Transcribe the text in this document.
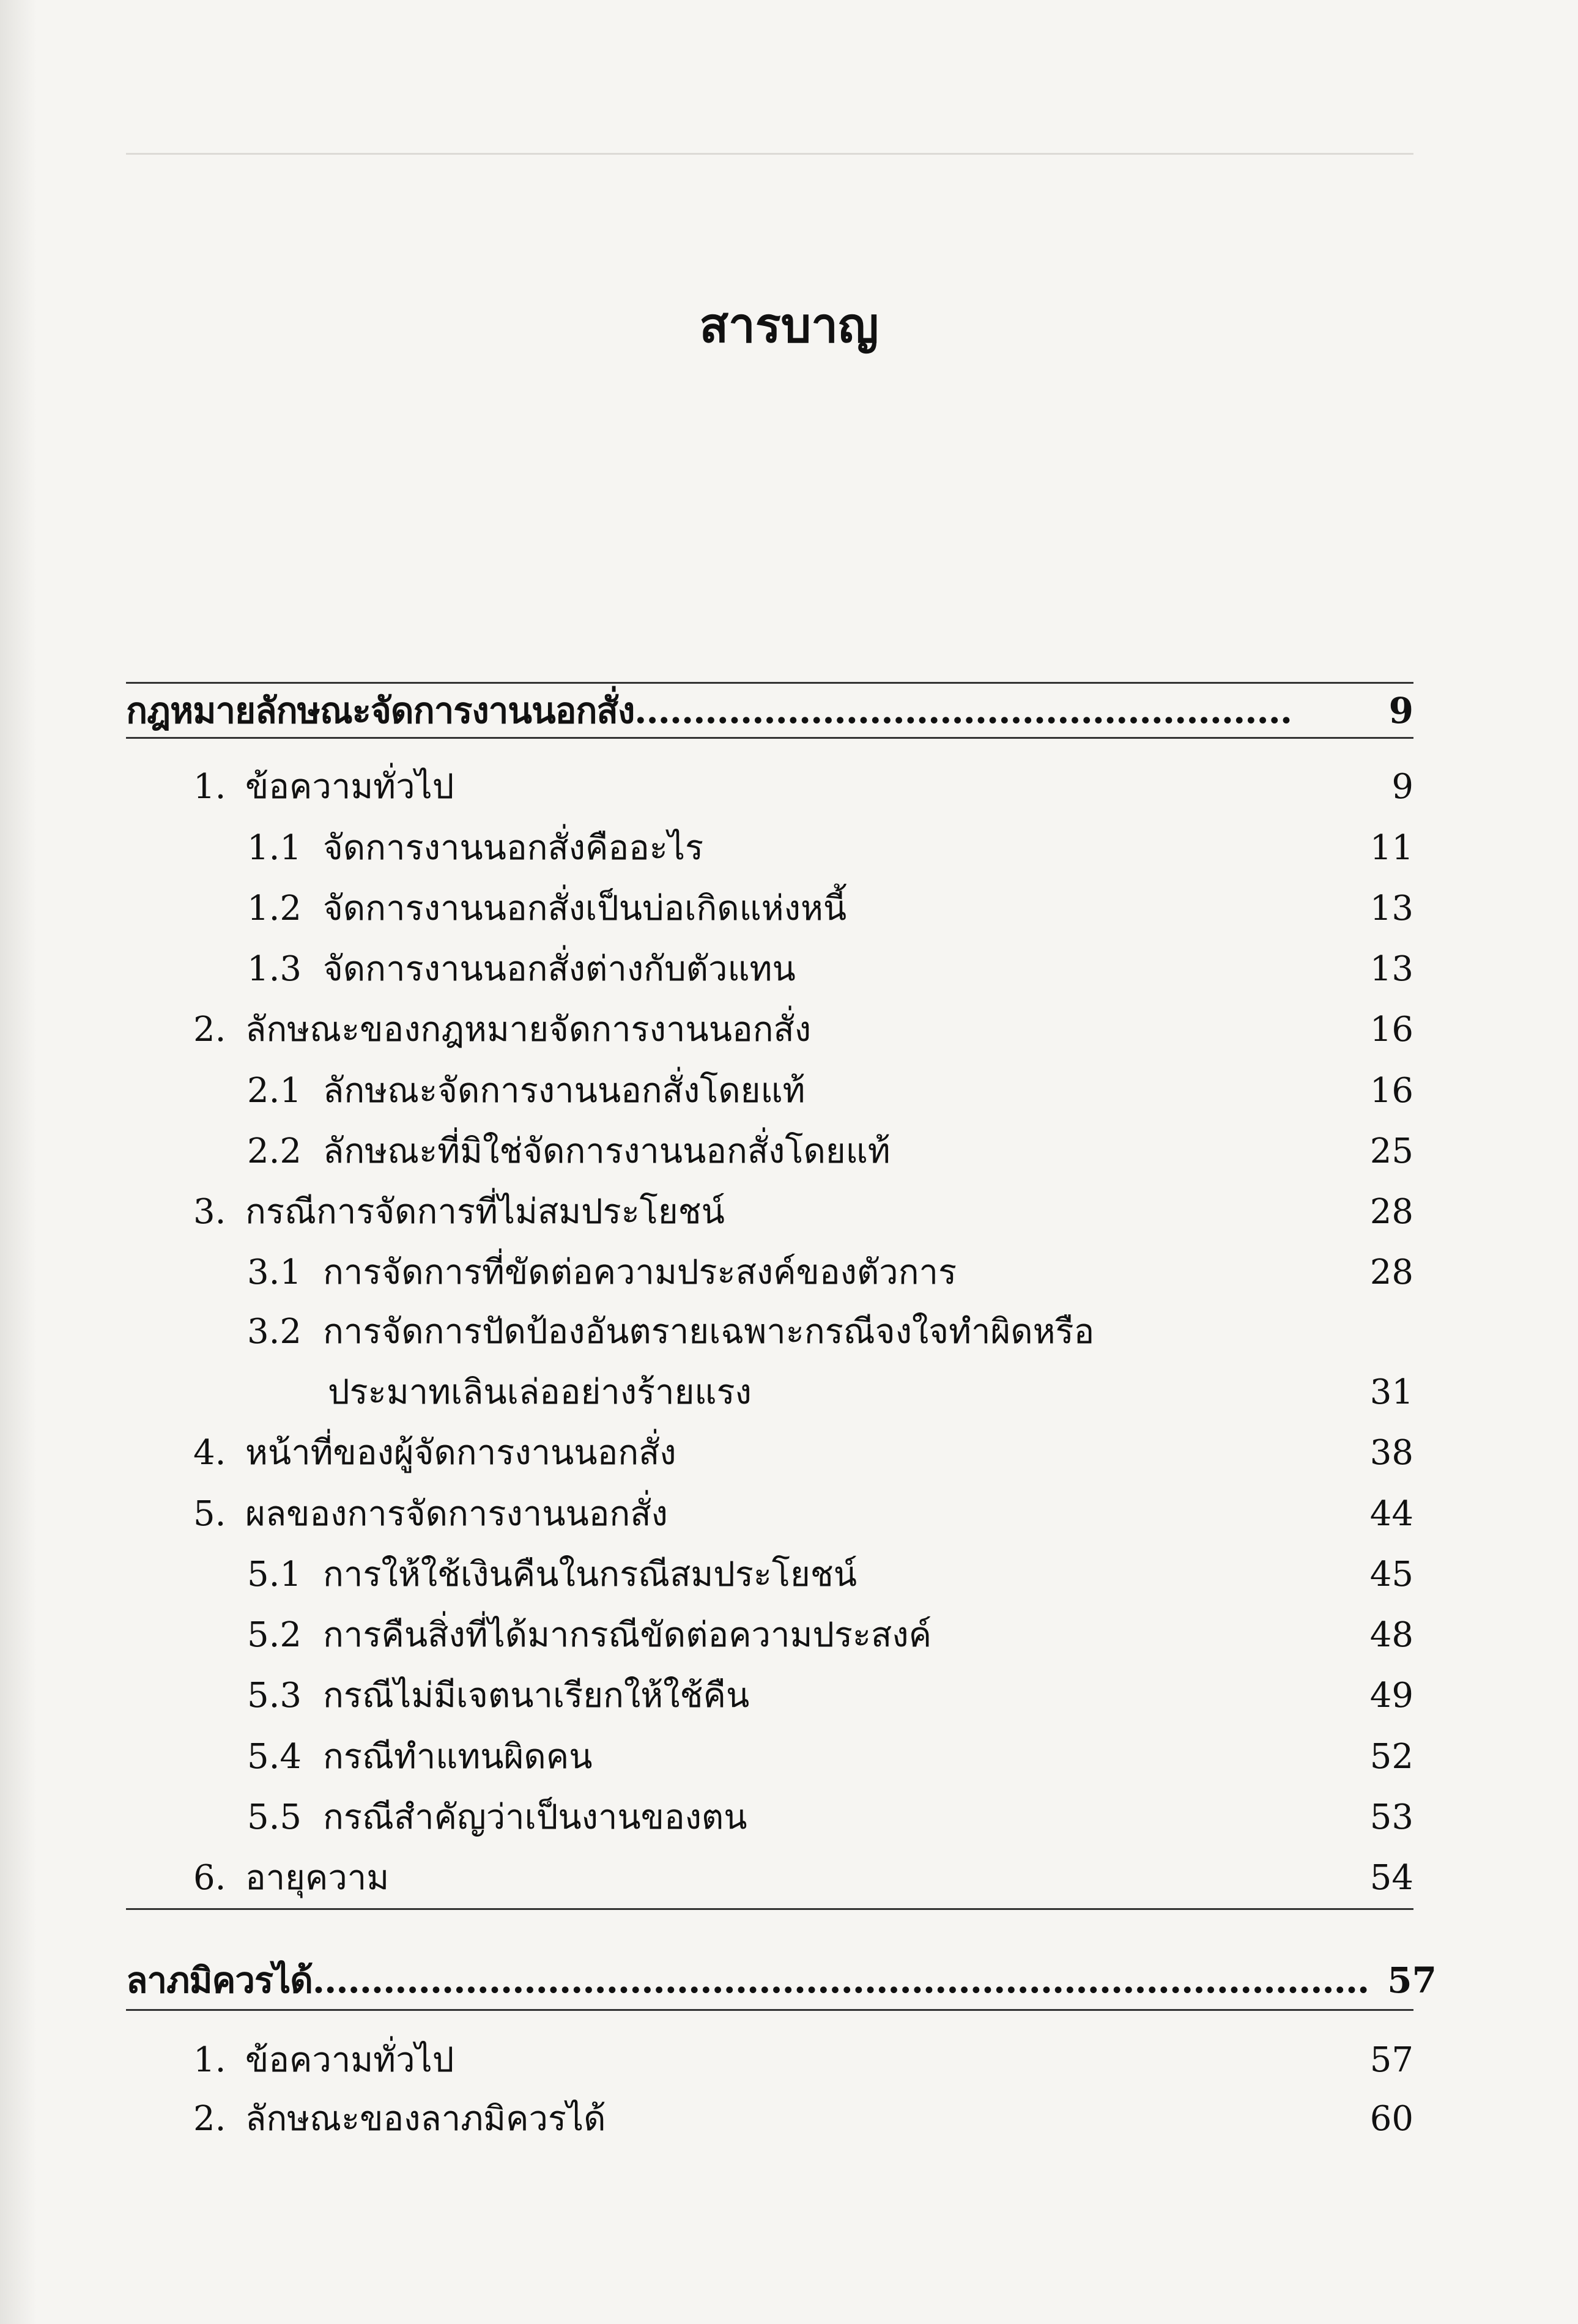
สารบาญ
กฎหมายลักษณะจัดการงานนอกสั่ง........................................................	9
1. ข้อความทั่วไป	9
1.1 จัดการงานนอกสั่งคืออะไร	11
1.2 จัดการงานนอกสั่งเป็นบ่อเกิดแห่งหนี้	13
1.3 จัดการงานนอกสั่งต่างกับตัวแทน	13
2. ลักษณะของกฎหมายจัดการงานนอกสั่ง	16
2.1 ลักษณะจัดการงานนอกสั่งโดยแท้	16
2.2 ลักษณะที่มิใช่จัดการงานนอกสั่งโดยแท้	25
3. กรณีการจัดการที่ไม่สมประโยชน์	28
3.1 การจัดการที่ขัดต่อความประสงค์ของตัวการ	28
3.2 การจัดการปัดป้องอันตรายเฉพาะกรณีจงใจทำผิดหรือ
ประมาทเลินเล่ออย่างร้ายแรง	31
4. หน้าที่ของผู้จัดการงานนอกสั่ง	38
5. ผลของการจัดการงานนอกสั่ง	44
5.1 การให้ใช้เงินคืนในกรณีสมประโยชน์	45
5.2 การคืนสิ่งที่ได้มากรณีขัดต่อความประสงค์	48
5.3 กรณีไม่มีเจตนาเรียกให้ใช้คืน	49
5.4 กรณีทำแทนผิดคน	52
5.5 กรณีสำคัญว่าเป็นงานของตน	53
6. อายุความ	54
ลาภมิควรได้.......................................................................................... 57
1. ข้อความทั่วไป	57
2. ลักษณะของลาภมิควรได้	60
